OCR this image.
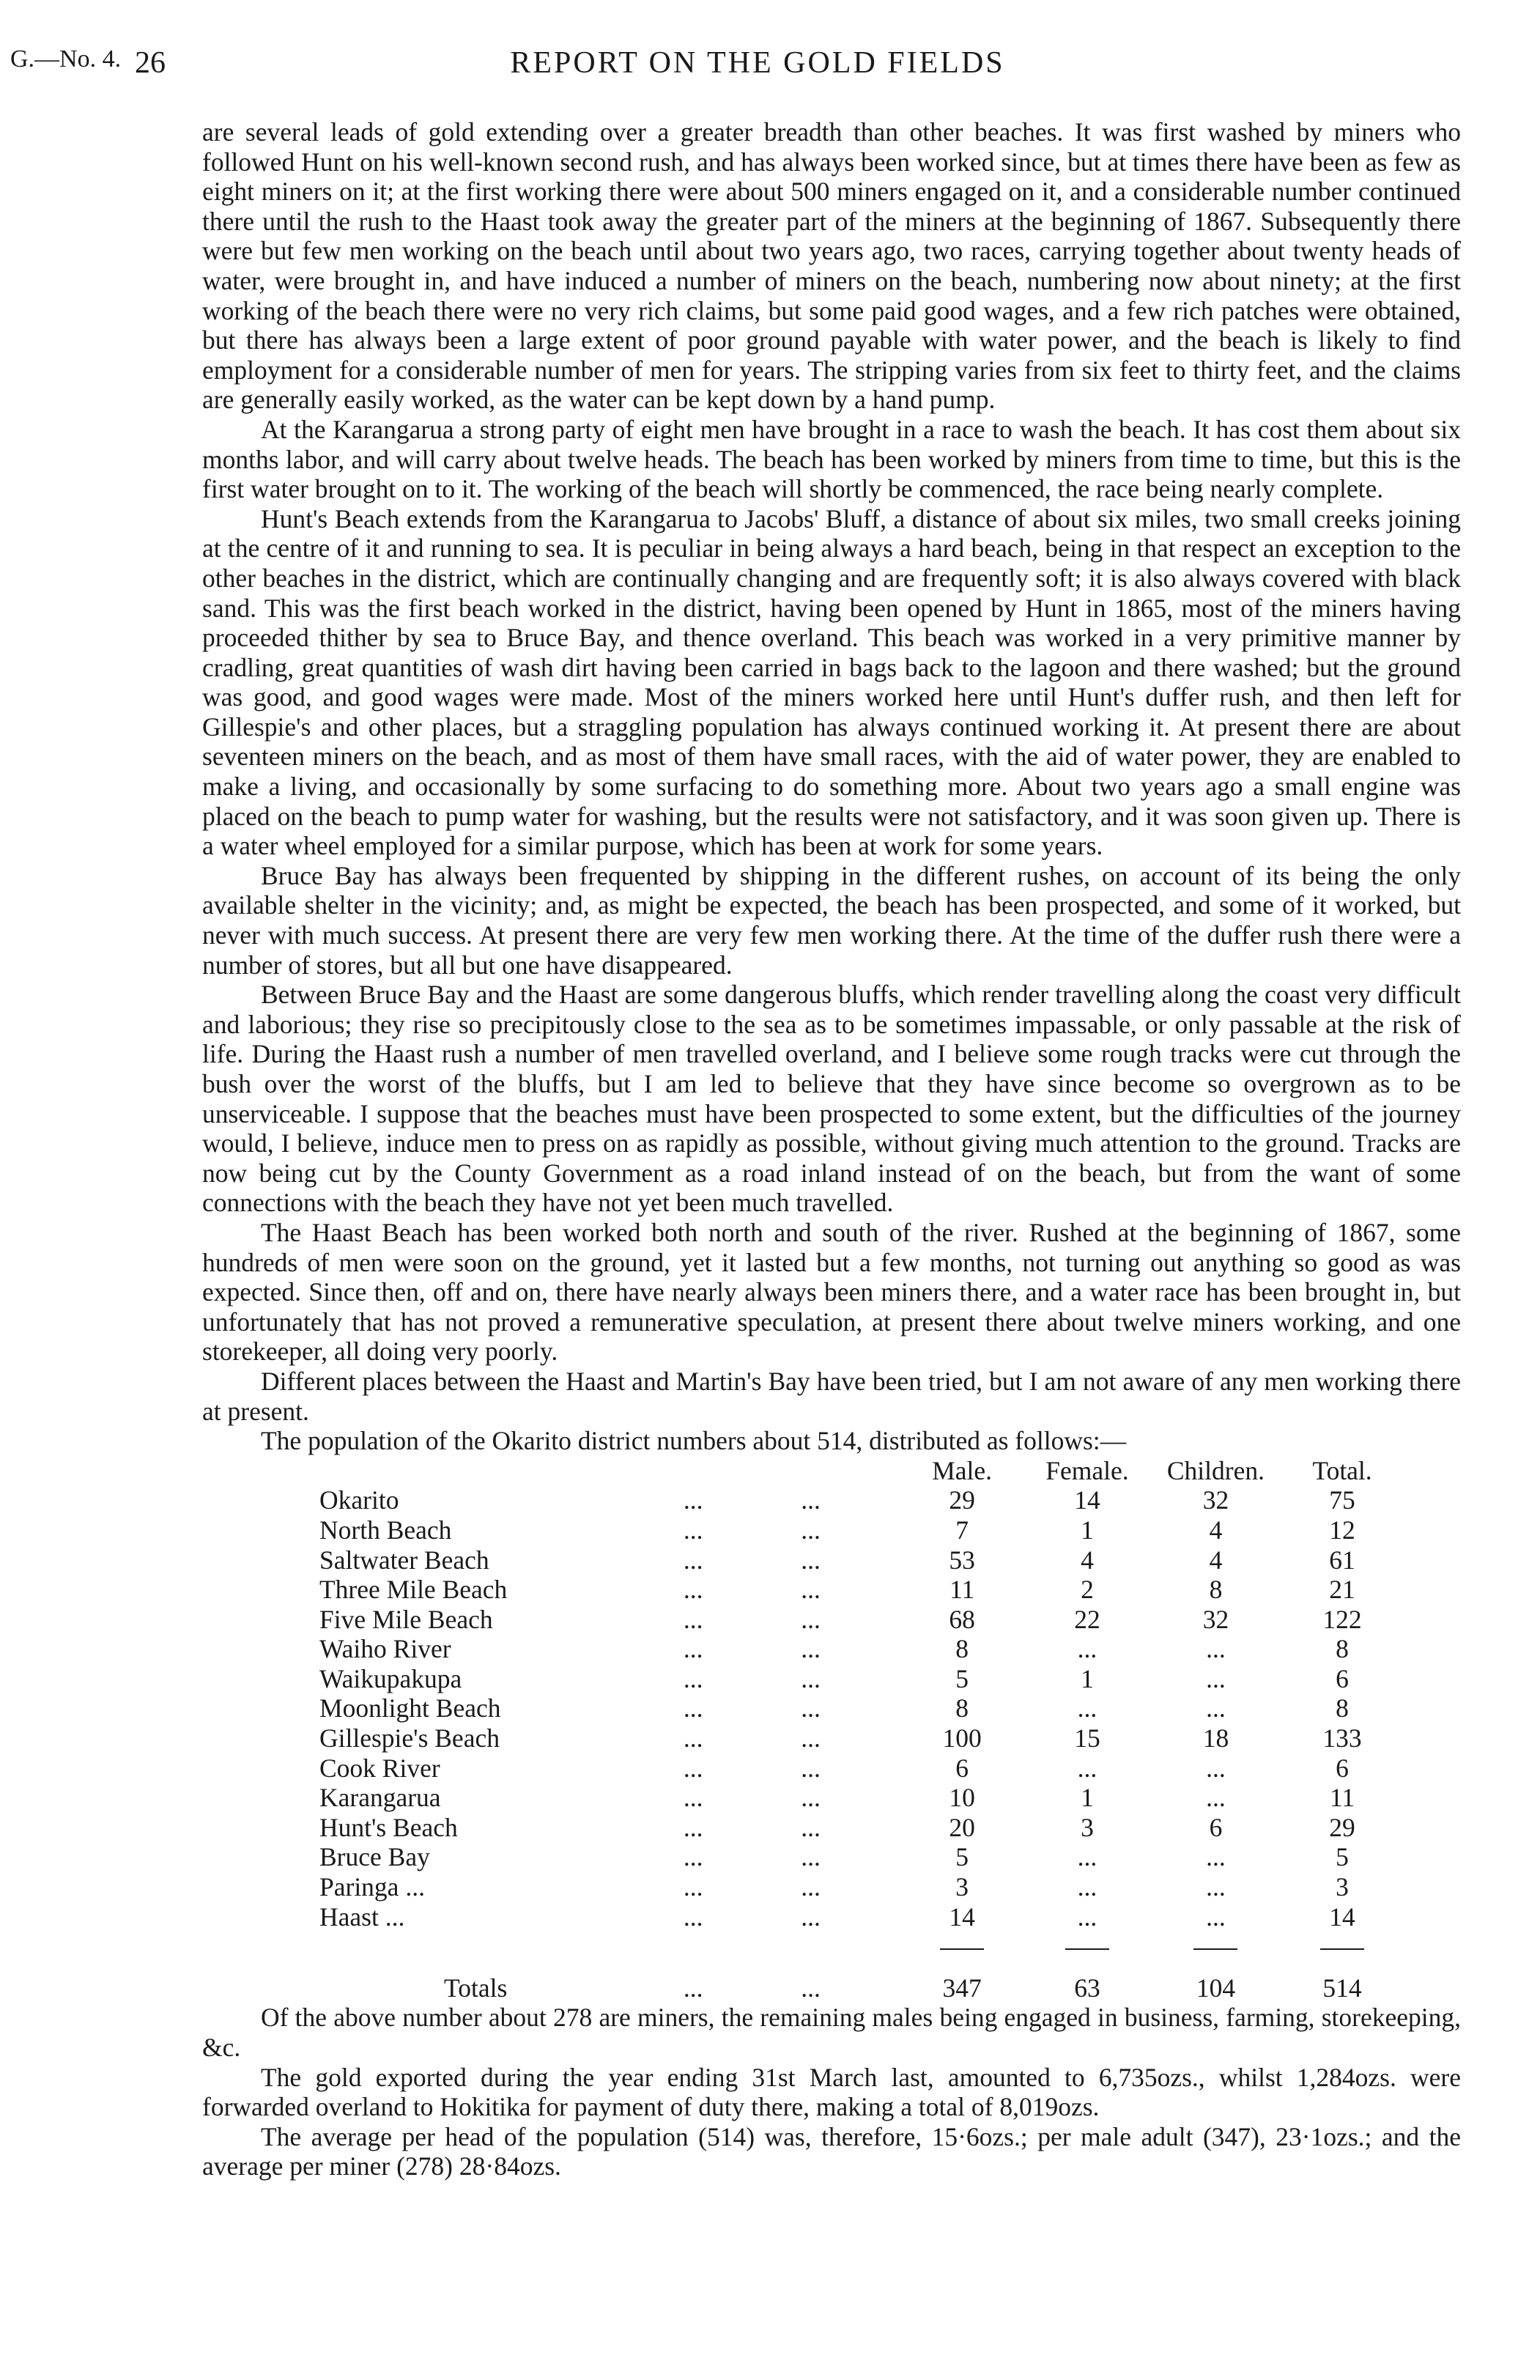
G.—No. 4. 26	REPORT ON THE GOLD FIELDS

are several leads of gold extending over a greater breadth than other beaches. It was first washed by miners who followed Hunt on his well-known second rush, and has always been worked since, but at times there have been as few as eight miners on it; at the first working there were about 500 miners engaged on it, and a considerable number continued there until the rush to the Haast took away the greater part of the miners at the beginning of 1867. Subsequently there were but few men working on the beach until about two years ago, two races, carrying together about twenty heads of water, were brought in, and have induced a number of miners on the beach, numbering now about ninety; at the first working of the beach there were no very rich claims, but some paid good wages, and a few rich patches were obtained, but there has always been a large extent of poor ground payable with water power, and the beach is likely to find employment for a considerable number of men for years. The stripping varies from six feet to thirty feet, and the claims are generally easily worked, as the water can be kept down by a hand pump.

At the Karangarua a strong party of eight men have brought in a race to wash the beach. It has cost them about six months labor, and will carry about twelve heads. The beach has been worked by miners from time to time, but this is the first water brought on to it. The working of the beach will shortly be commenced, the race being nearly complete.

Hunt's Beach extends from the Karangarua to Jacobs' Bluff, a distance of about six miles, two small creeks joining at the centre of it and running to sea. It is peculiar in being always a hard beach, being in that respect an exception to the other beaches in the district, which are continually changing and are frequently soft; it is also always covered with black sand. This was the first beach worked in the district, having been opened by Hunt in 1865, most of the miners having proceeded thither by sea to Bruce Bay, and thence overland. This beach was worked in a very primitive manner by cradling, great quantities of wash dirt having been carried in bags back to the lagoon and there washed; but the ground was good, and good wages were made. Most of the miners worked here until Hunt's duffer rush, and then left for Gillespie's and other places, but a straggling population has always continued working it. At present there are about seventeen miners on the beach, and as most of them have small races, with the aid of water power, they are enabled to make a living, and occasionally by some surfacing to do something more. About two years ago a small engine was placed on the beach to pump water for washing, but the results were not satisfactory, and it was soon given up. There is a water wheel employed for a similar purpose, which has been at work for some years.

Bruce Bay has always been frequented by shipping in the different rushes, on account of its being the only available shelter in the vicinity; and, as might be expected, the beach has been prospected, and some of it worked, but never with much success. At present there are very few men working there. At the time of the duffer rush there were a number of stores, but all but one have disappeared.

Between Bruce Bay and the Haast are some dangerous bluffs, which render travelling along the coast very difficult and laborious; they rise so precipitously close to the sea as to be sometimes impassable, or only passable at the risk of life. During the Haast rush a number of men travelled overland, and I believe some rough tracks were cut through the bush over the worst of the bluffs, but I am led to believe that they have since become so overgrown as to be unserviceable. I suppose that the beaches must have been prospected to some extent, but the difficulties of the journey would, I believe, induce men to press on as rapidly as possible, without giving much attention to the ground. Tracks are now being cut by the County Government as a road inland instead of on the beach, but from the want of some connections with the beach they have not yet been much travelled.

The Haast Beach has been worked both north and south of the river. Rushed at the beginning of 1867, some hundreds of men were soon on the ground, yet it lasted but a few months, not turning out anything so good as was expected. Since then, off and on, there have nearly always been miners there, and a water race has been brought in, but unfortunately that has not proved a remunerative speculation, at present there about twelve miners working, and one storekeeper, all doing very poorly.

Different places between the Haast and Martin's Bay have been tried, but I am not aware of any men working there at present.

The population of the Okarito district numbers about 514, distributed as follows:—

			Male.	Female.	Children.	Total.
Okarito	...	...	29	14	32	75
North Beach	...	...	7	1	4	12
Saltwater Beach	...	...	53	4	4	61
Three Mile Beach	...	...	11	2	8	21
Five Mile Beach	...	...	68	22	32	122
Waiho River	...	...	8	...	...	8
Waikupakupa	...	...	5	1	...	6
Moonlight Beach	...	...	8	...	...	8
Gillespie's Beach	...	...	100	15	18	133
Cook River	...	...	6	...	...	6
Karangarua	...	...	10	1	...	11
Hunt's Beach	...	...	20	3	6	29
Bruce Bay	...	...	5	...	...	5
Paringa ...	...	...	3	...	...	3
Haast ...	...	...	14	...	...	14

Totals	...	...	347	63	104	514

Of the above number about 278 are miners, the remaining males being engaged in business, farming, storekeeping, &c.

The gold exported during the year ending 31st March last, amounted to 6,735ozs., whilst 1,284ozs. were forwarded overland to Hokitika for payment of duty there, making a total of 8,019ozs.

The average per head of the population (514) was, therefore, 15·6ozs.; per male adult (347), 23·1ozs.; and the average per miner (278) 28·84ozs.
